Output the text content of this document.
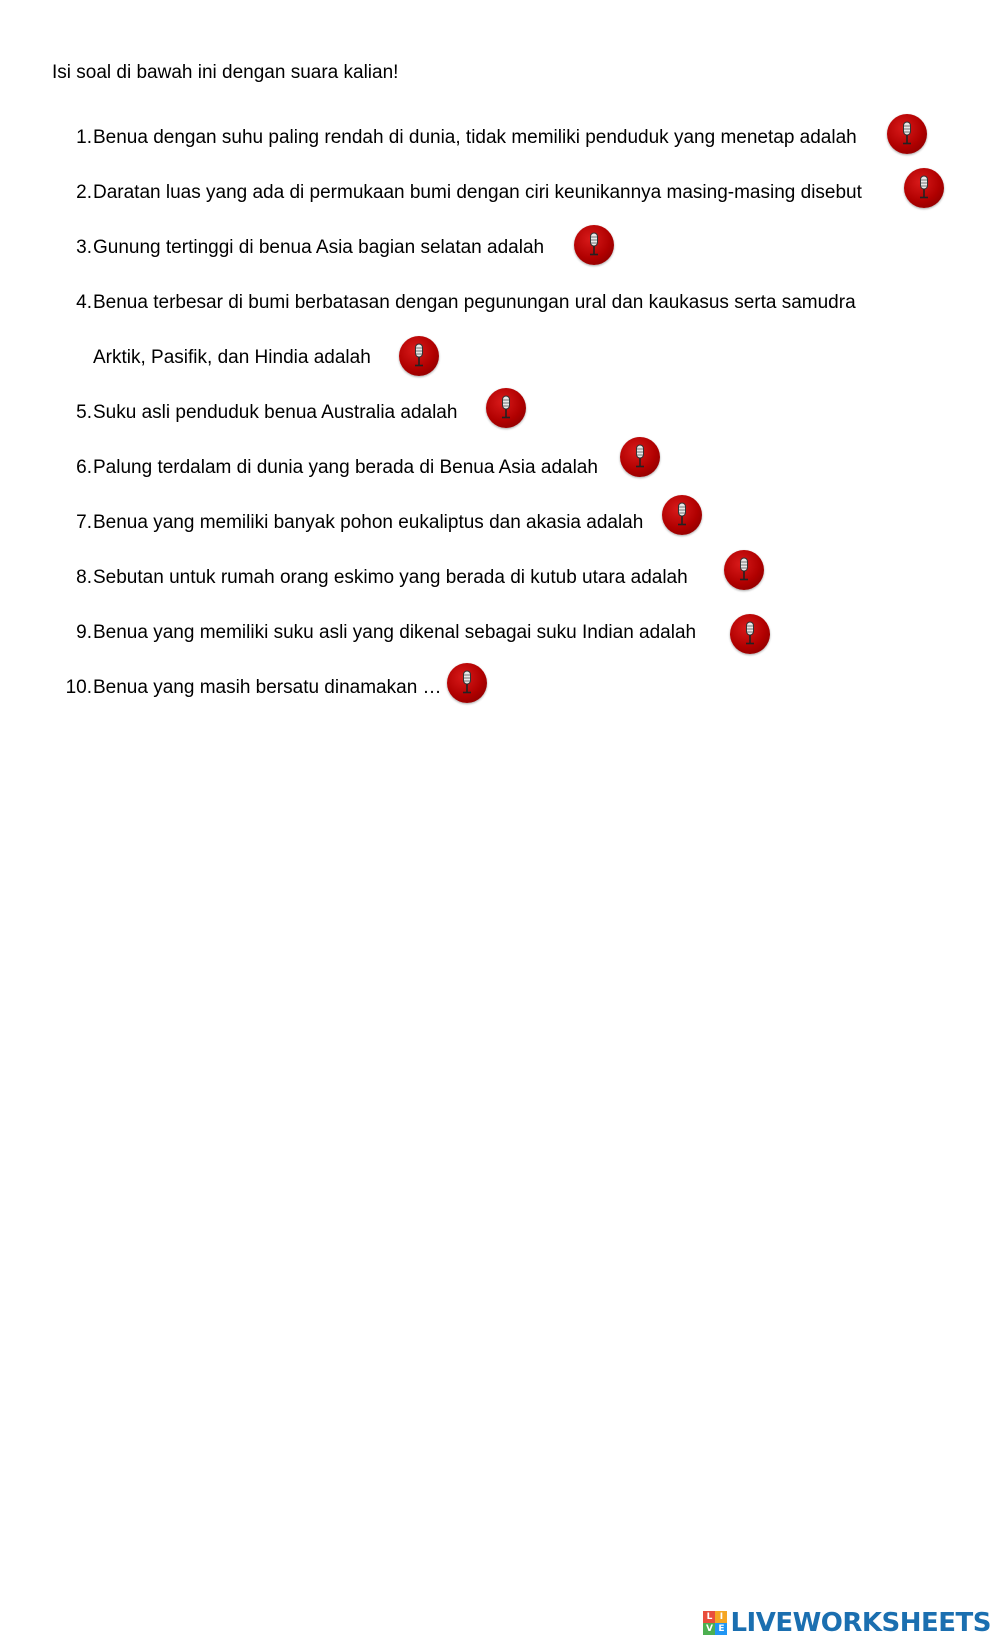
Isi soal di bawah ini dengan suara kalian!
1. Benua dengan suhu paling rendah di dunia, tidak memiliki penduduk yang menetap adalah
2. Daratan luas yang ada di permukaan bumi dengan ciri keunikannya masing-masing disebut
3. Gunung tertinggi di benua Asia bagian selatan adalah
4. Benua terbesar di bumi berbatasan dengan pegunungan ural dan kaukasus serta samudra
Arktik, Pasifik, dan Hindia adalah
5. Suku asli penduduk benua Australia adalah
6. Palung terdalam di dunia yang berada di Benua Asia adalah
7. Benua yang memiliki banyak pohon eukaliptus dan akasia adalah
8. Sebutan untuk rumah orang eskimo yang berada di kutub utara adalah
9. Benua yang memiliki suku asli yang dikenal sebagai suku Indian adalah
10. Benua yang masih bersatu dinamakan …
L I
V E LIVEWORKSHEETS
